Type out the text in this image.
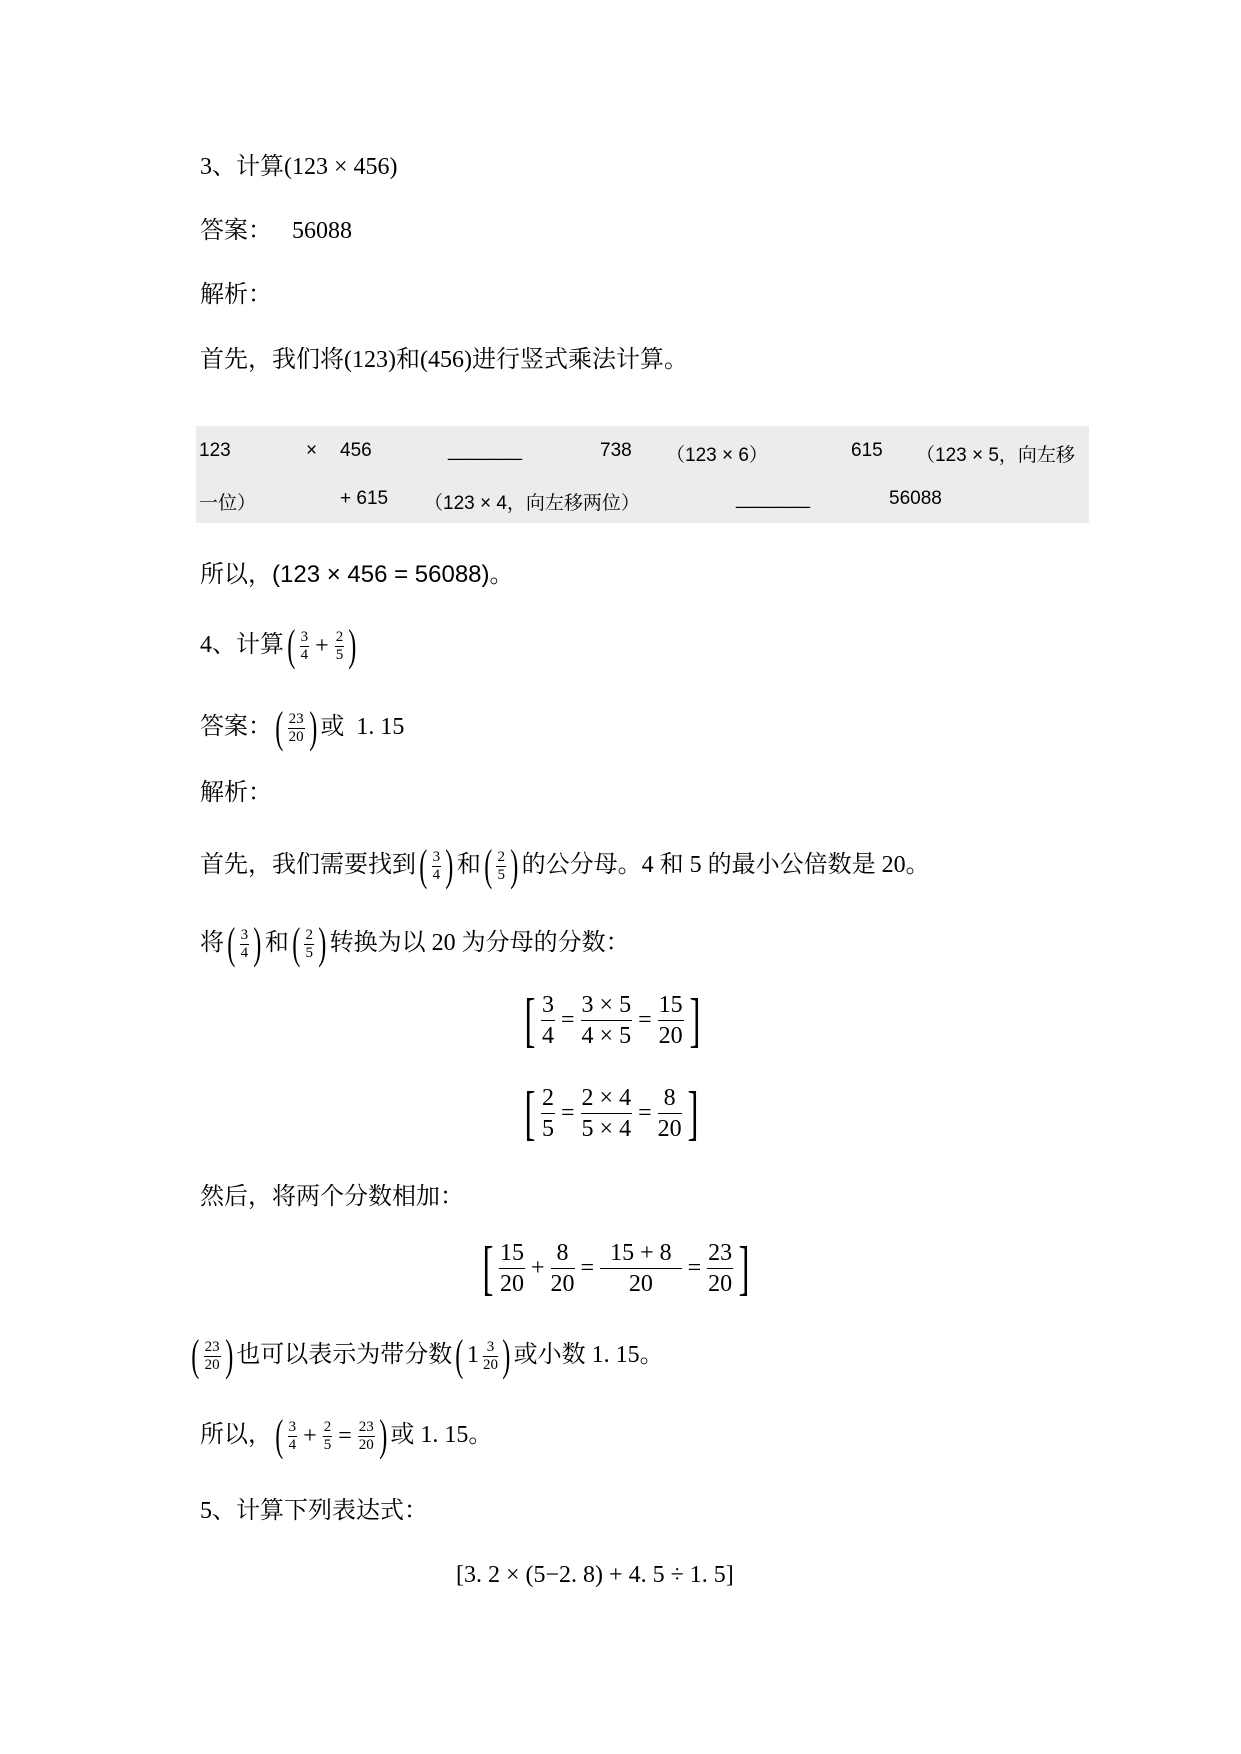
3、计算(123 × 456)
答案： 56088
解析：
首先，我们将(123)和(456)进行竖式乘法计算。
123	× 456	_______	738 （123 × 6）	615 （123 × 5，向左移
一位）	+ 615 （123 × 4，向左移两位）	_______	56088
所以，(123 × 456 = 56088)。
4、计算( $\frac{3}{4} + \frac{2}{5}$ )
答案：( $\frac{23}{20}$ ) 或 1. 15
解析：
首先，我们需要找到( $\frac{3}{4}$ ) 和( $\frac{2}{5}$ ) 的公分母。4 和 5 的最小公倍数是 20。
将( $\frac{3}{4}$ ) 和( $\frac{2}{5}$ ) 转换为以 20 为分母的分数：
[ $\frac{3}{4} = \frac{3 \times 5}{4 \times 5} = \frac{15}{20}$ ]
[ $\frac{2}{5} = \frac{2 \times 4}{5 \times 4} = \frac{8}{20}$ ]
然后，将两个分数相加：
[ $\frac{15}{20} + \frac{8}{20} = \frac{15 + 8}{20} = \frac{23}{20}$ ]
( $\frac{23}{20}$ ) 也可以表示为带分数( $1 \frac{3}{20}$ ) 或小数 1. 15。
所以，( $\frac{3}{4} + \frac{2}{5} = \frac{23}{20}$ ) 或 1. 15。
5、计算下列表达式：
[3. 2 × (5−2. 8) + 4. 5 ÷ 1. 5]
